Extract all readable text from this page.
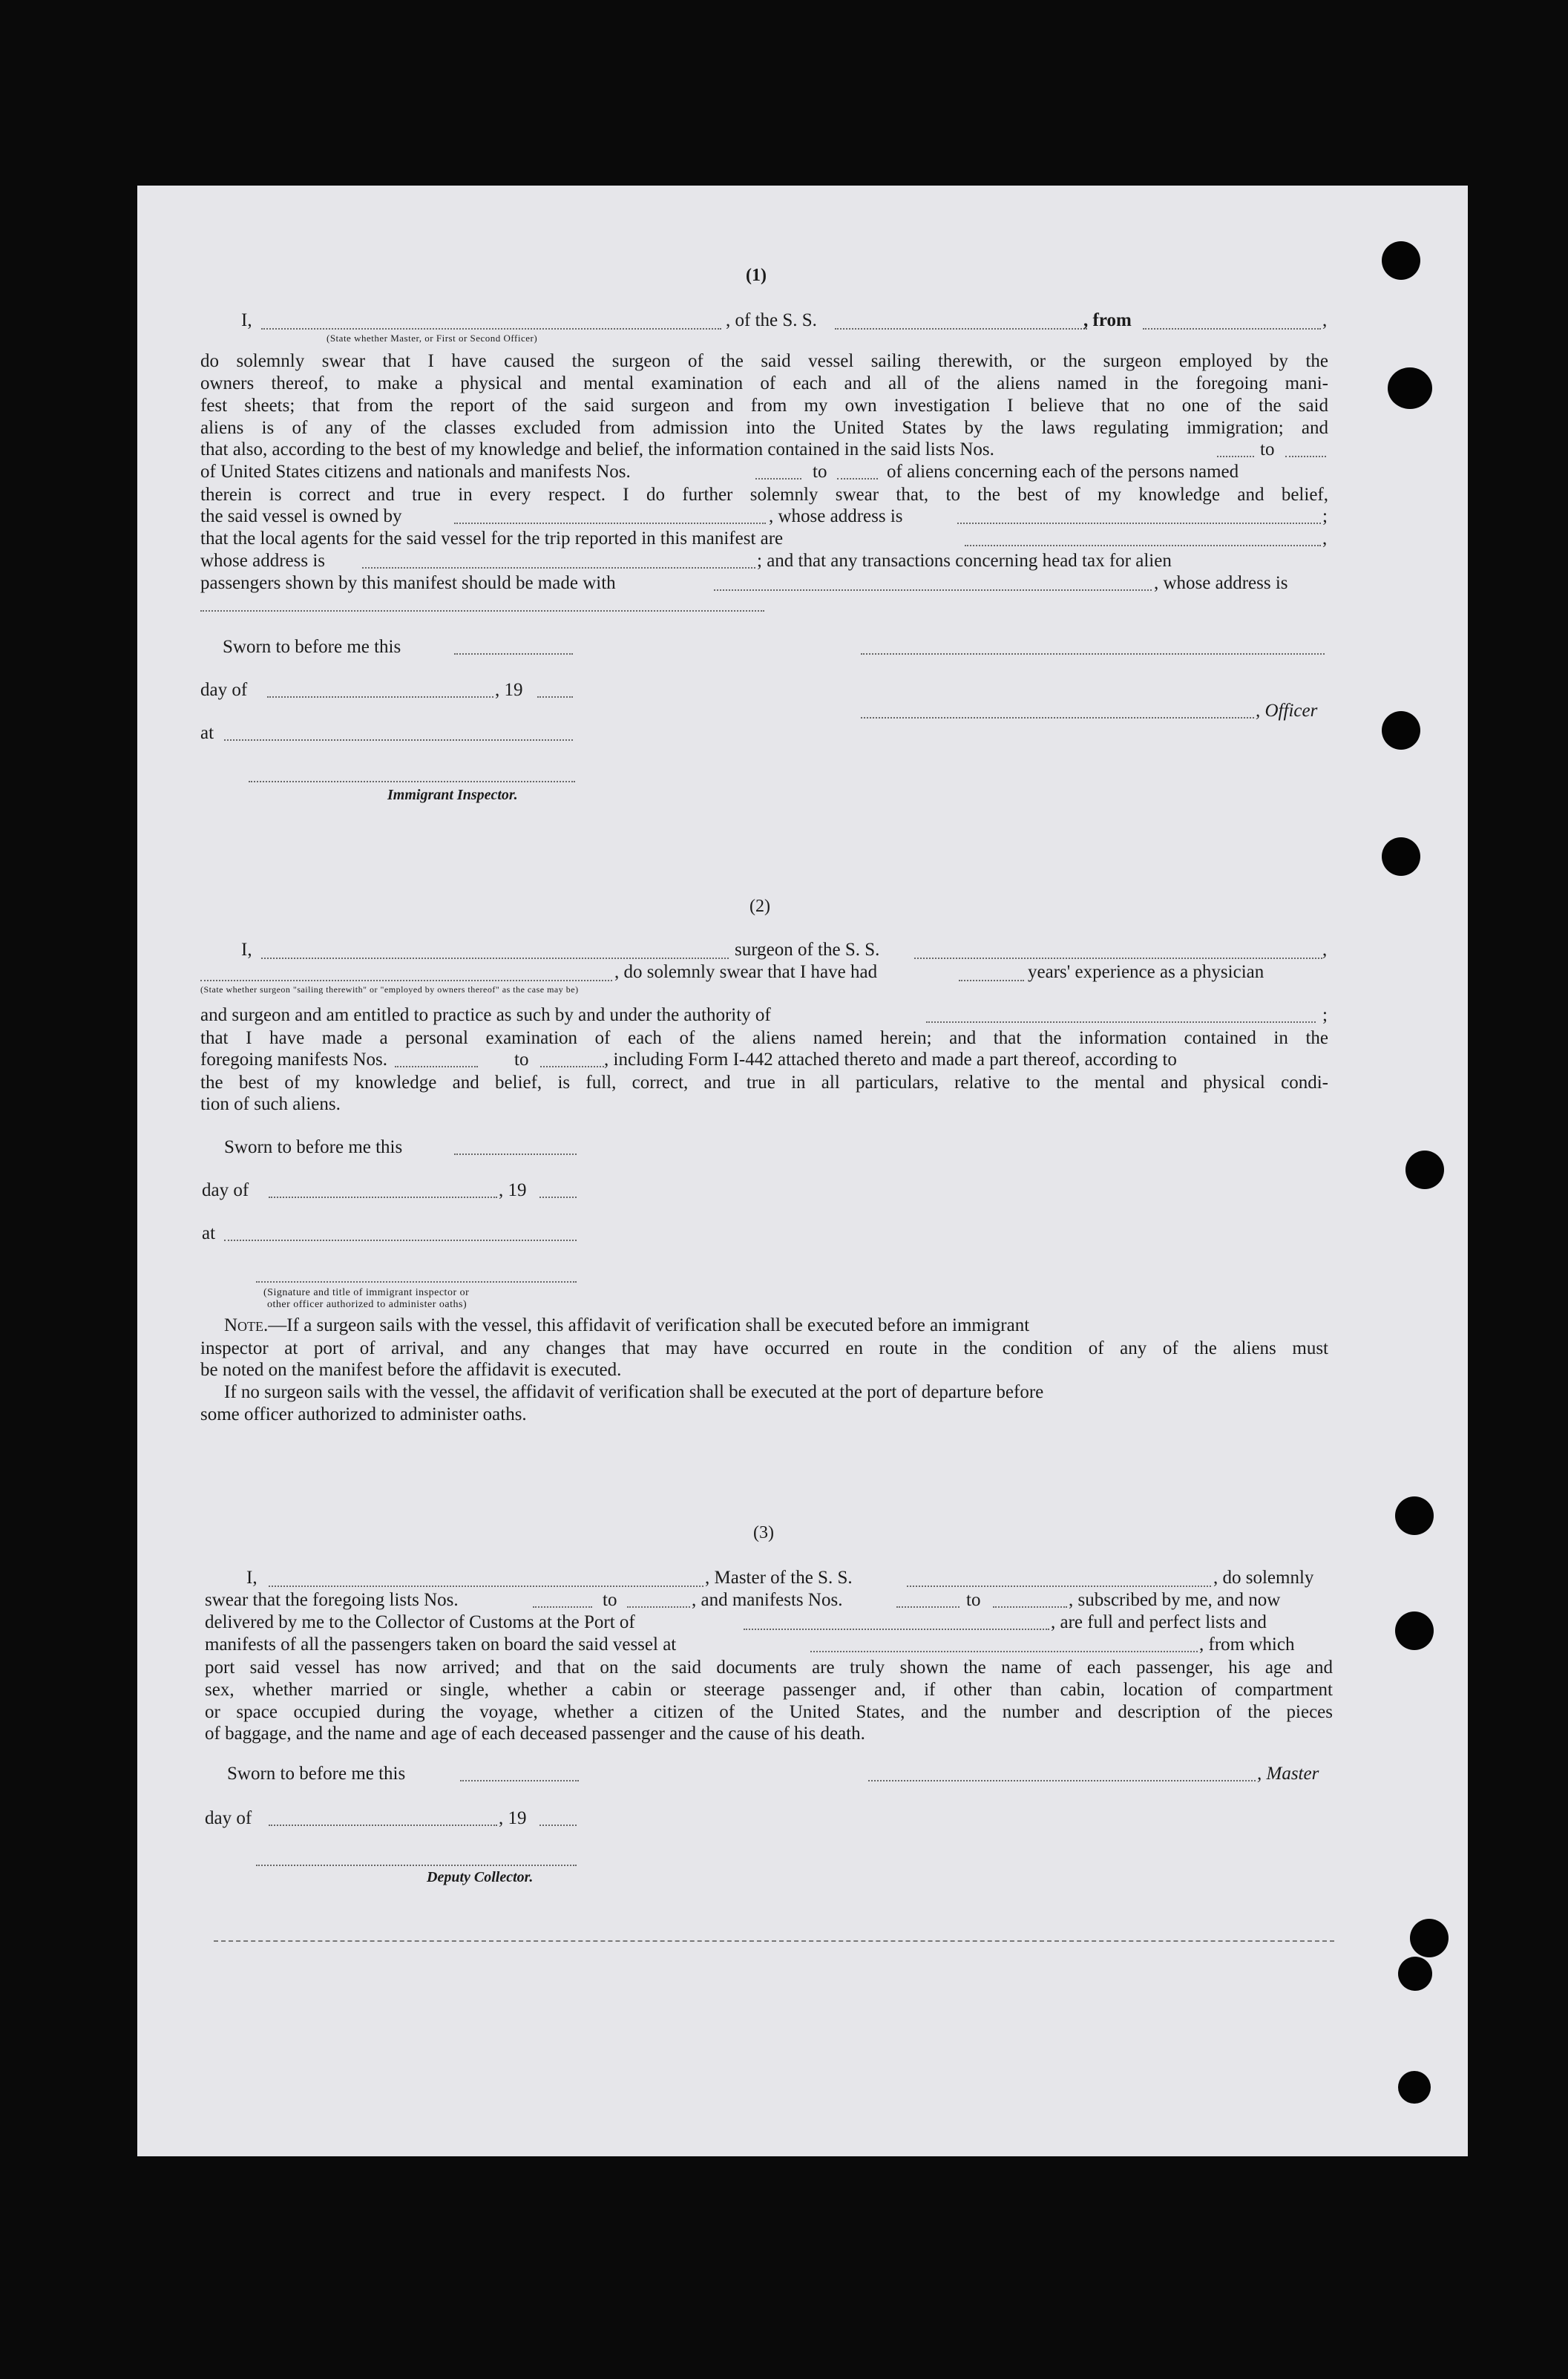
(1)
I,	, of the S. S.	, from	,
(State whether Master, or First or Second Officer)
do solemnly swear that I have caused the surgeon of the said vessel sailing therewith, or the surgeon employed by the
owners thereof, to make a physical and mental examination of each and all of the aliens named in the foregoing mani-
fest sheets; that from the report of the said surgeon and from my own investigation I believe that no one of the said
aliens is of any of the classes excluded from admission into the United States by the laws regulating immigration; and
that also, according to the best of my knowledge and belief, the information contained in the said lists Nos.	to
of United States citizens and nationals and manifests Nos.	to	of aliens concerning each of the persons named
therein is correct and true in every respect. I do further solemnly swear that, to the best of my knowledge and belief,
the said vessel is owned by	, whose address is	;
that the local agents for the said vessel for the trip reported in this manifest are	,
whose address is	; and that any transactions concerning head tax for alien
passengers shown by this manifest should be made with	, whose address is
Sworn to before me this
day of	, 19
, Officer
at
Immigrant Inspector.
(2)
I,	surgeon of the S. S.	,
, do solemnly swear that I have had	years' experience as a physician
(State whether surgeon "sailing therewith" or "employed by owners thereof" as the case may be)
and surgeon and am entitled to practice as such by and under the authority of	;
that I have made a personal examination of each of the aliens named herein; and that the information contained in the
foregoing manifests Nos.	to	, including Form I-442 attached thereto and made a part thereof, according to
the best of my knowledge and belief, is full, correct, and true in all particulars, relative to the mental and physical condi-
tion of such aliens.
Sworn to before me this
day of	, 19
at
(Signature and title of immigrant inspector or
other officer authorized to administer oaths)
Note.—If a surgeon sails with the vessel, this affidavit of verification shall be executed before an immigrant
inspector at port of arrival, and any changes that may have occurred en route in the condition of any of the aliens must
be noted on the manifest before the affidavit is executed.
If no surgeon sails with the vessel, the affidavit of verification shall be executed at the port of departure before
some officer authorized to administer oaths.
(3)
I,	, Master of the S. S.	, do solemnly
swear that the foregoing lists Nos.	to	, and manifests Nos.	to	, subscribed by me, and now
delivered by me to the Collector of Customs at the Port of	, are full and perfect lists and
manifests of all the passengers taken on board the said vessel at	, from which
port said vessel has now arrived; and that on the said documents are truly shown the name of each passenger, his age and
sex, whether married or single, whether a cabin or steerage passenger and, if other than cabin, location of compartment
or space occupied during the voyage, whether a citizen of the United States, and the number and description of the pieces
of baggage, and the name and age of each deceased passenger and the cause of his death.
Sworn to before me this	, Master
day of	, 19
Deputy Collector.
